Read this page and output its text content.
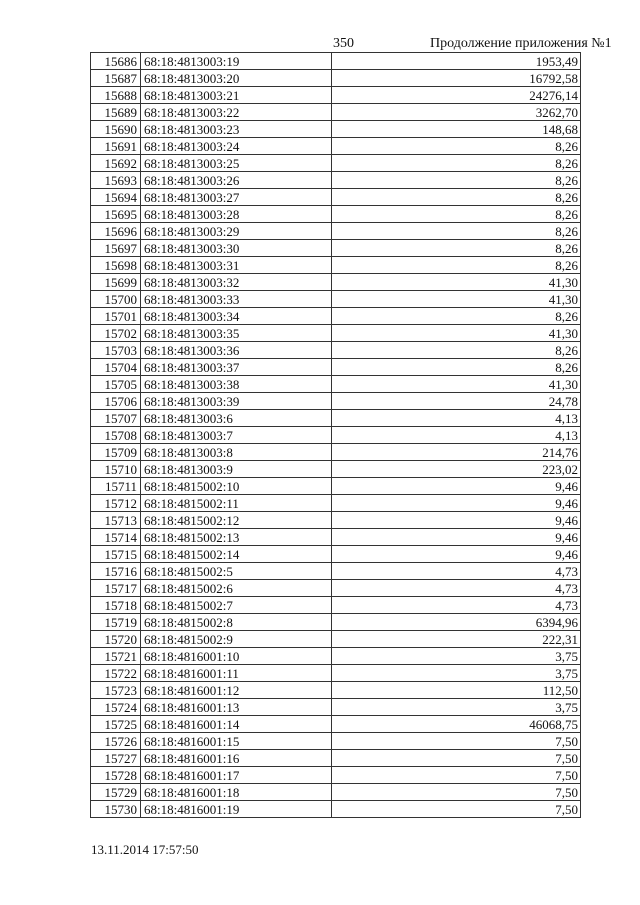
350	Продолжение приложения №1
15686	68:18:4813003:19	1953,49
15687	68:18:4813003:20	16792,58
15688	68:18:4813003:21	24276,14
15689	68:18:4813003:22	3262,70
15690	68:18:4813003:23	148,68
15691	68:18:4813003:24	8,26
15692	68:18:4813003:25	8,26
15693	68:18:4813003:26	8,26
15694	68:18:4813003:27	8,26
15695	68:18:4813003:28	8,26
15696	68:18:4813003:29	8,26
15697	68:18:4813003:30	8,26
15698	68:18:4813003:31	8,26
15699	68:18:4813003:32	41,30
15700	68:18:4813003:33	41,30
15701	68:18:4813003:34	8,26
15702	68:18:4813003:35	41,30
15703	68:18:4813003:36	8,26
15704	68:18:4813003:37	8,26
15705	68:18:4813003:38	41,30
15706	68:18:4813003:39	24,78
15707	68:18:4813003:6	4,13
15708	68:18:4813003:7	4,13
15709	68:18:4813003:8	214,76
15710	68:18:4813003:9	223,02
15711	68:18:4815002:10	9,46
15712	68:18:4815002:11	9,46
15713	68:18:4815002:12	9,46
15714	68:18:4815002:13	9,46
15715	68:18:4815002:14	9,46
15716	68:18:4815002:5	4,73
15717	68:18:4815002:6	4,73
15718	68:18:4815002:7	4,73
15719	68:18:4815002:8	6394,96
15720	68:18:4815002:9	222,31
15721	68:18:4816001:10	3,75
15722	68:18:4816001:11	3,75
15723	68:18:4816001:12	112,50
15724	68:18:4816001:13	3,75
15725	68:18:4816001:14	46068,75
15726	68:18:4816001:15	7,50
15727	68:18:4816001:16	7,50
15728	68:18:4816001:17	7,50
15729	68:18:4816001:18	7,50
15730	68:18:4816001:19	7,50
13.11.2014 17:57:50
